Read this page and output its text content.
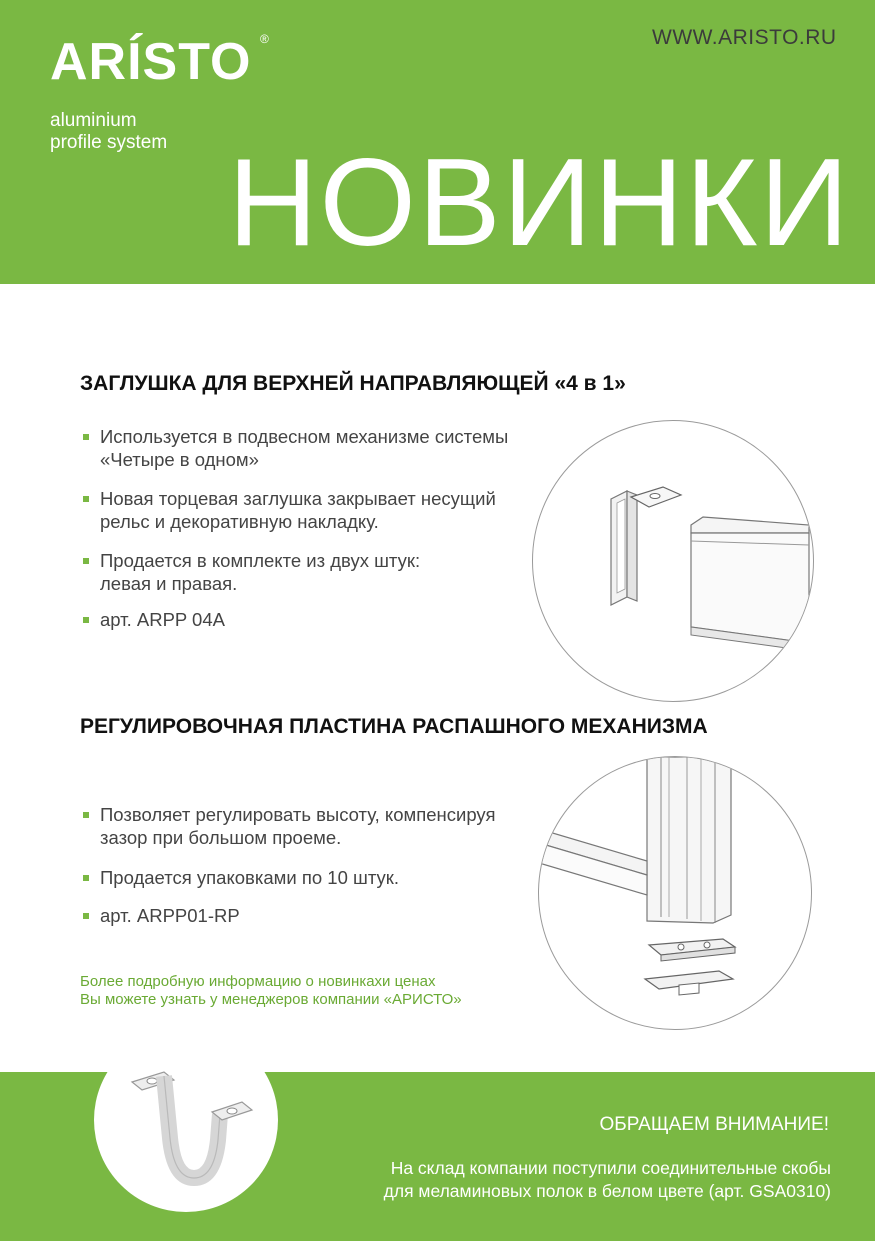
ARÍSTO ®
aluminium
profile system
WWW.ARISTO.RU
НОВИНКИ
ЗАГЛУШКА ДЛЯ ВЕРХНЕЙ НАПРАВЛЯЮЩЕЙ «4 в 1»
Используется в подвесном механизме системы
«Четыре в одном»
Новая торцевая заглушка закрывает несущий
рельс и декоративную накладку.
Продается в комплекте из двух штук:
левая и правая.
арт. ARPP 04A
РЕГУЛИРОВОЧНАЯ ПЛАСТИНА РАСПАШНОГО МЕХАНИЗМА
Позволяет регулировать высоту, компенсируя
зазор при большом проеме.
Продается упаковками по 10 штук.
арт. ARPP01-RP
Более подробную информацию о новинкахи ценах
Вы можете узнать у менеджеров компании «АРИСТО»
ОБРАЩАЕМ ВНИМАНИЕ!
На склад компании поступили соединительные скобы
для меламиновых полок в белом цвете (арт. GSA0310)
